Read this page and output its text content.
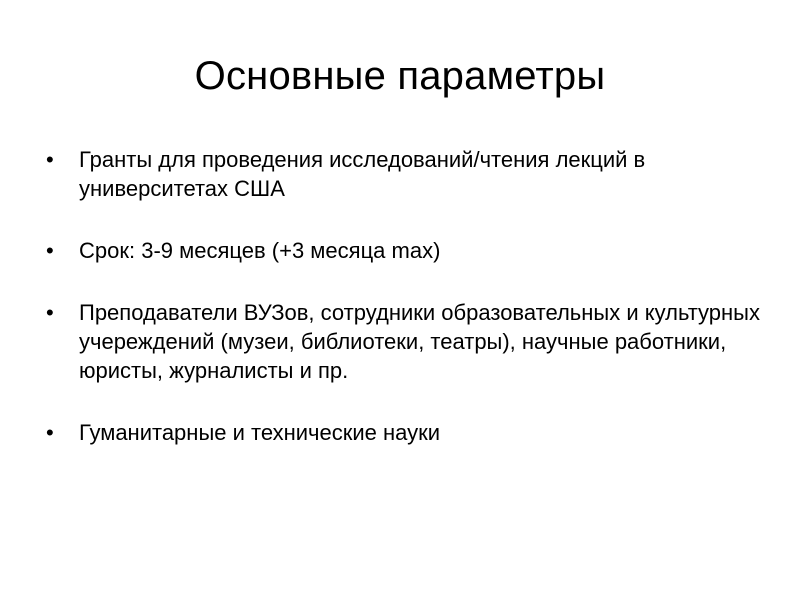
Основные параметры
• Гранты для проведения исследований/чтения лекций в университетах США
• Срок: 3-9 месяцев (+3 месяца max)
• Преподаватели ВУЗов, сотрудники образовательных и культурных учереждений (музеи, библиотеки, театры), научные работники, юристы, журналисты и пр.
• Гуманитарные и технические науки
